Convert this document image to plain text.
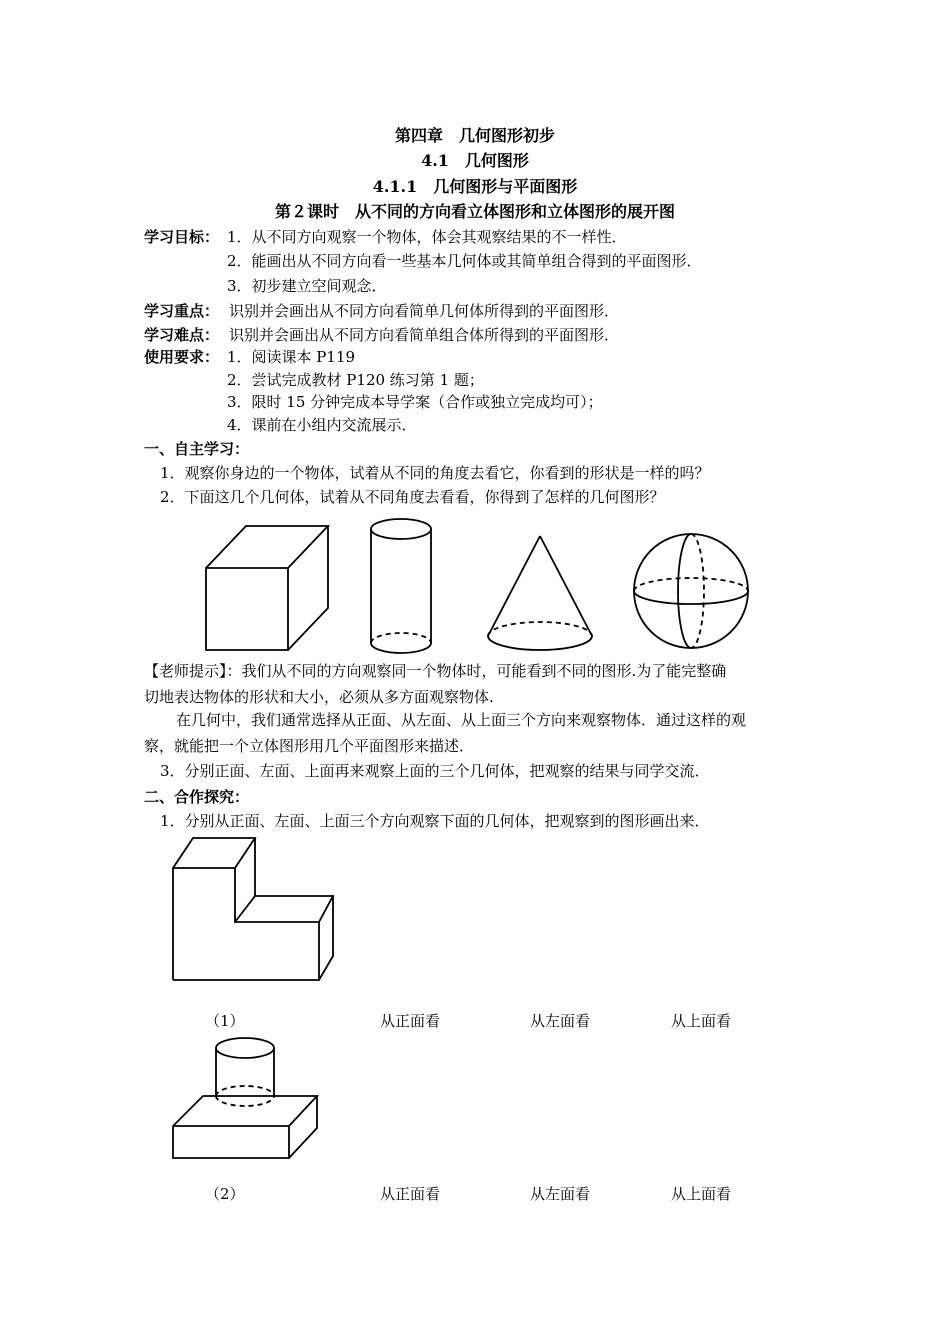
第四章　几何图形初步
4.1　几何图形
4.1.1　几何图形与平面图形
第２课时　从不同的方向看立体图形和立体图形的展开图
学习目标： 1．从不同方向观察一个物体，体会其观察结果的不一样性．
2．能画出从不同方向看一些基本几何体或其简单组合得到的平面图形．
3．初步建立空间观念．
学习重点： 识别并会画出从不同方向看简单几何体所得到的平面图形．
学习难点： 识别并会画出从不同方向看简单组合体所得到的平面图形．
使用要求： 1．阅读课本 P119
2．尝试完成教材 P120 练习第 1 题；
3．限时 15 分钟完成本导学案（合作或独立完成均可）；
4．课前在小组内交流展示．
一、自主学习：
1．观察你身边的一个物体，试着从不同的角度去看它，你看到的形状是一样的吗？
2．下面这几个几何体，试着从不同角度去看看，你得到了怎样的几何图形？
【老师提示】：我们从不同的方向观察同一个物体时，可能看到不同的图形.为了能完整确
切地表达物体的形状和大小，必须从多方面观察物体.
在几何中，我们通常选择从正面、从左面、从上面三个方向来观察物体．通过这样的观
察，就能把一个立体图形用几个平面图形来描述．
3．分别正面、左面、上面再来观察上面的三个几何体，把观察的结果与同学交流．
二、合作探究：
1．分别从正面、左面、上面三个方向观察下面的几何体，把观察到的图形画出来．
（1）	从正面看	从左面看	从上面看
（2）	从正面看	从左面看	从上面看
